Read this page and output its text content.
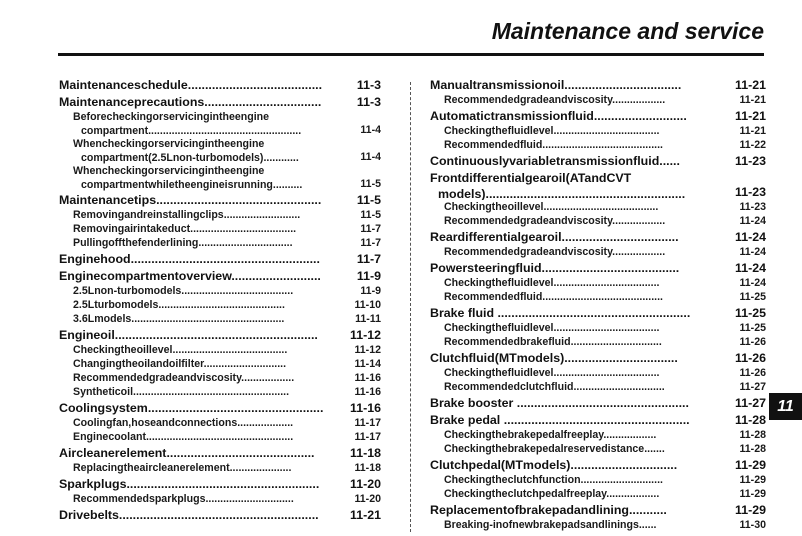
Maintenance and service
Maintenanceschedule.......................................	11-3
Maintenanceprecautions..................................	11-3
Beforecheckingorservicingintheengine
compartment....................................................	11-4
Whencheckingorservicingintheengine
compartment(2.5Lnon-turbomodels)............	11-4
Whencheckingorservicingintheengine
compartmentwhiletheengineisrunning..........	11-5
Maintenancetips................................................	11-5
Removingandreinstallingclips..........................	11-5
Removingairintakeduct....................................	11-7
Pullingoffthefenderlining................................	11-7
Enginehood.......................................................	11-7
Enginecompartmentoverview..........................	11-9
2.5Lnon-turbomodels......................................	11-9
2.5Lturbomodels...........................................	11-10
3.6Lmodels....................................................	11-11
Engineoil...........................................................	11-12
Checkingtheoillevel.......................................	11-12
Changingtheoilandoilfilter............................	11-14
Recommendedgradeandviscosity..................	11-16
Syntheticoil.....................................................	11-16
Coolingsystem................................................... 11-16
Coolingfan,hoseandconnections...................	11-17
Enginecoolant..................................................	11-17
Aircleanerelement...........................................	11-18
Replacingtheaircleanerelement.....................	11-18
Sparkplugs........................................................ 11-20
Recommendedsparkplugs..............................	11-20
Drivebelts..........................................................	11-21
Manualtransmissionoil..................................	11-21
Recommendedgradeandviscosity..................	11-21
Automatictransmissionfluid...........................	11-21
Checkingthefluidlevel....................................	11-21
Recommendedfluid.........................................	11-22
Continuouslyvariabletransmissionfluid......	11-23
Frontdifferentialgearoil(ATandCVT
models)..........................................................	11-23
Checkingtheoillevel.......................................	11-23
Recommendedgradeandviscosity..................	11-24
Reardifferentialgearoil..................................	11-24
Recommendedgradeandviscosity..................	11-24
Powersteeringfluid........................................	11-24
Checkingthefluidlevel....................................	11-24
Recommendedfluid.........................................	11-25
Brake fluid ........................................................	11-25
Checkingthefluidlevel....................................	11-25
Recommendedbrakefluid...............................	11-26
Clutchfluid(MTmodels).................................	11-26
Checkingthefluidlevel....................................	11-26
Recommendedclutchfluid...............................	11-27
Brake booster ..................................................	11-27
Brake pedal ......................................................	11-28
Checkingthebrakepedalfreeplay..................	11-28
Checkingthebrakepedalreservedistance.......	11-28
Clutchpedal(MTmodels)...............................	11-29
Checkingtheclutchfunction............................	11-29
Checkingtheclutchpedalfreeplay..................	11-29
Replacementofbrakepadandlining...........	11-29
Breaking-inofnewbrakepadsandlinings......	11-30
11
